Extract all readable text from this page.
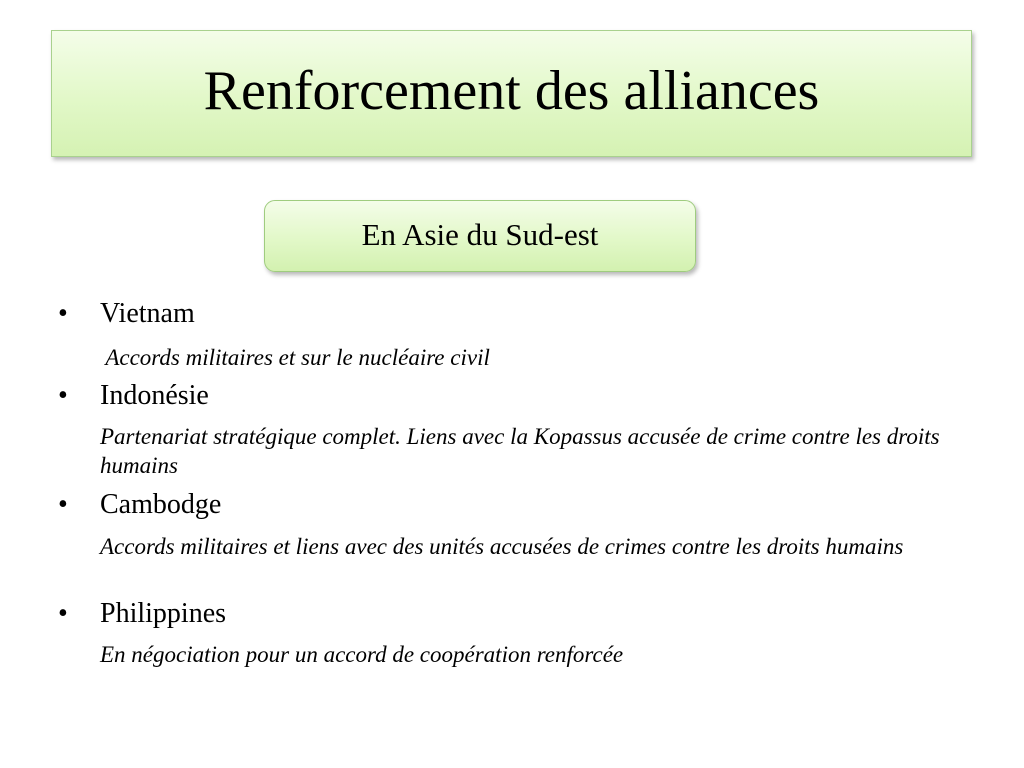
Renforcement des alliances
En Asie du Sud-est
• Vietnam
Accords militaires et sur le nucléaire civil
• Indonésie
Partenariat stratégique complet. Liens avec la Kopassus accusée de crime contre les droits humains
• Cambodge
Accords militaires et liens avec des unités accusées de crimes contre les droits humains
• Philippines
En négociation pour un accord de coopération renforcée
